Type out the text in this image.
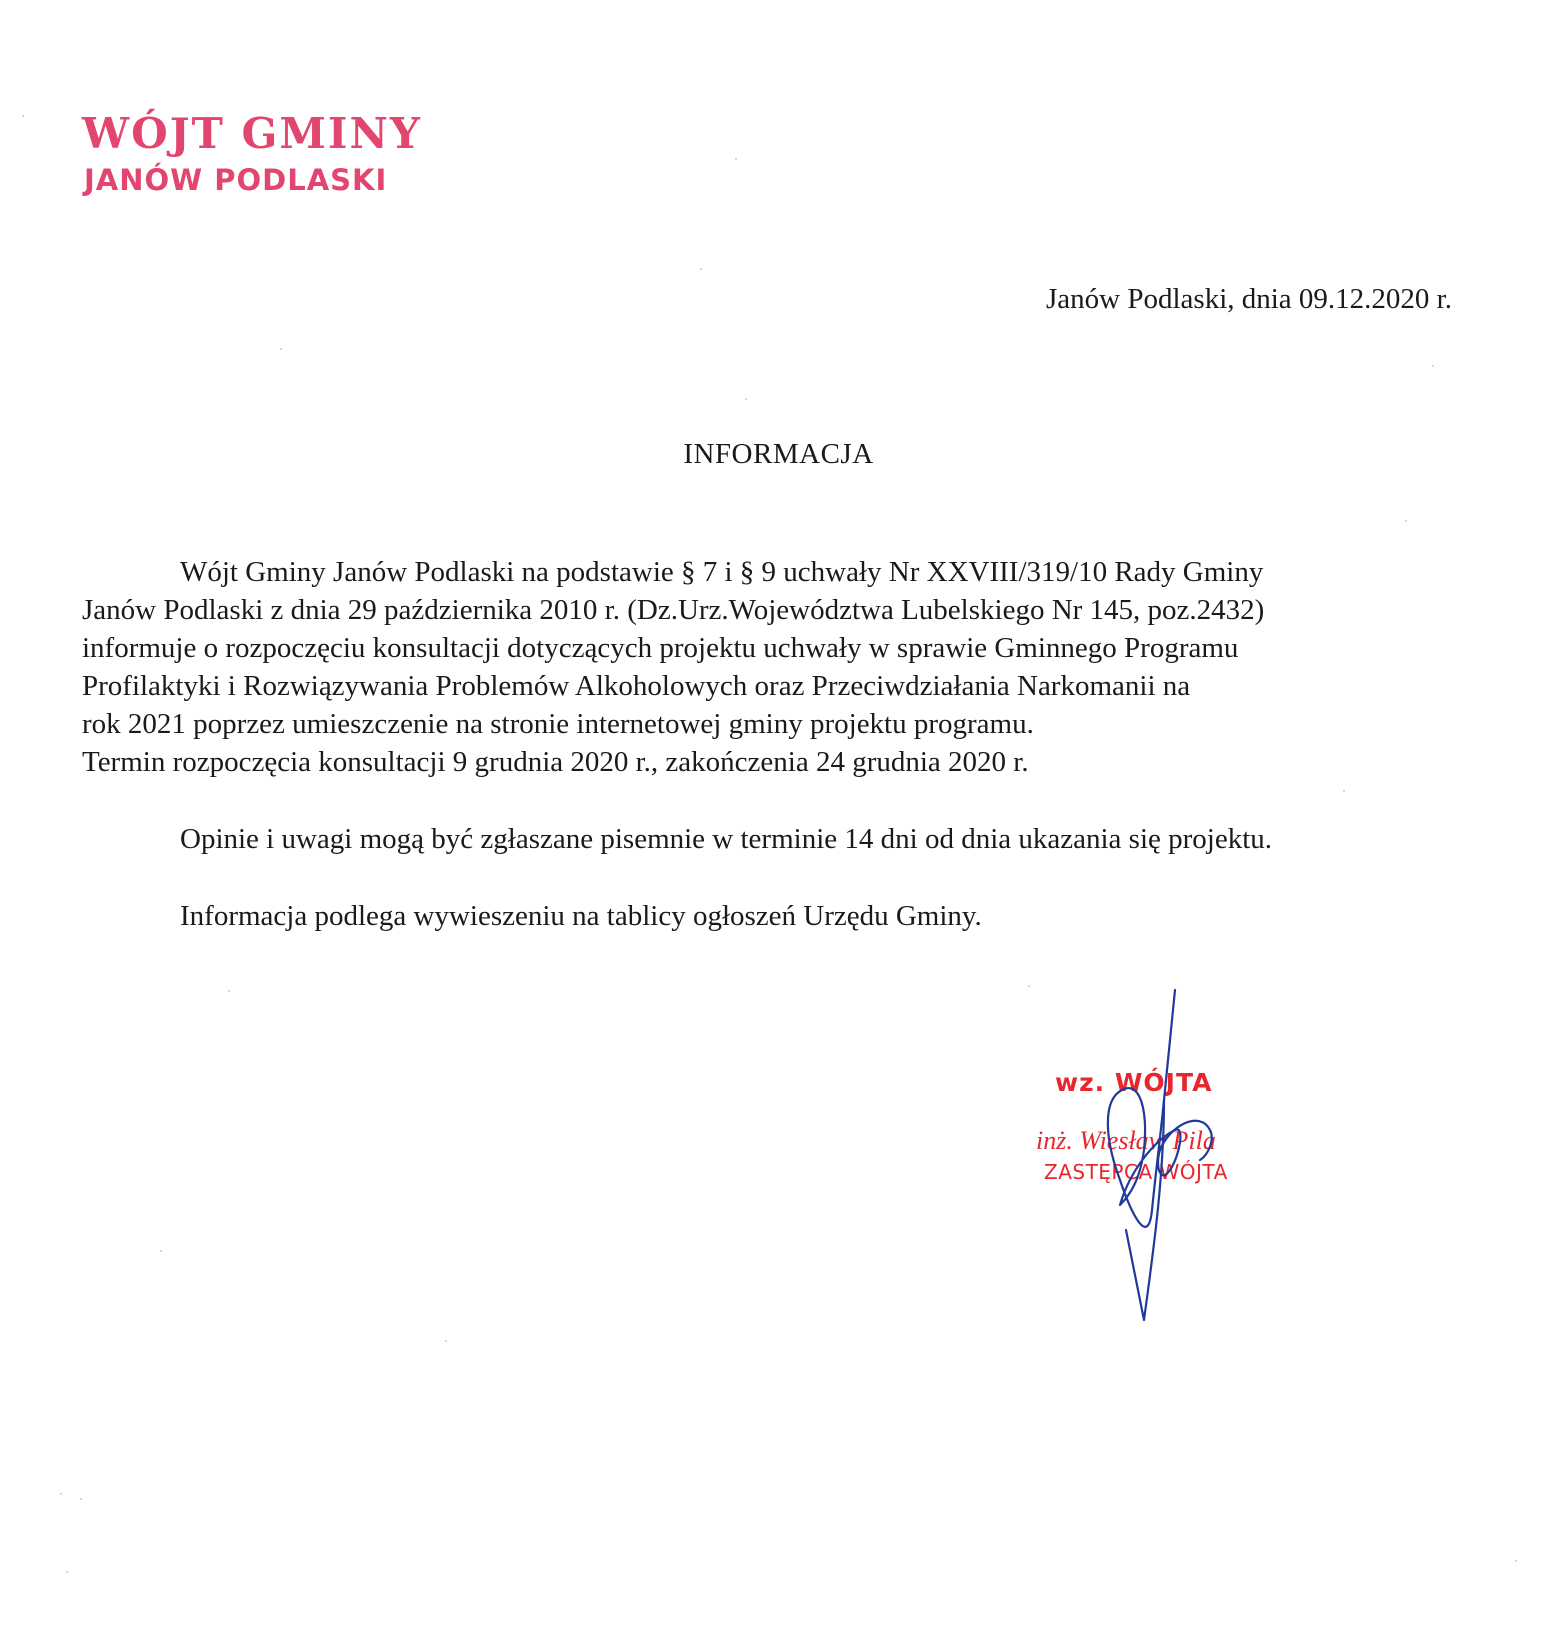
WÓJT GMINY
JANÓW PODLASKI
Janów Podlaski, dnia 09.12.2020 r.
INFORMACJA
Wójt Gminy Janów Podlaski na podstawie § 7 i § 9 uchwały Nr XXVIII/319/10 Rady Gminy
Janów Podlaski z dnia 29 października 2010 r. (Dz.Urz.Województwa Lubelskiego Nr 145, poz.2432)
informuje o rozpoczęciu konsultacji dotyczących projektu uchwały w sprawie Gminnego Programu
Profilaktyki i Rozwiązywania Problemów Alkoholowych oraz Przeciwdziałania Narkomanii na
rok 2021 poprzez umieszczenie na stronie internetowej gminy projektu programu.
Termin rozpoczęcia konsultacji 9 grudnia 2020 r., zakończenia 24 grudnia 2020 r.
Opinie i uwagi mogą być zgłaszane pisemnie w terminie 14 dni od dnia ukazania się projektu.
Informacja podlega wywieszeniu na tablicy ogłoszeń Urzędu Gminy.
wz. WÓJTA
inż. Wiesław Pila
ZASTĘPCA WÓJTA
